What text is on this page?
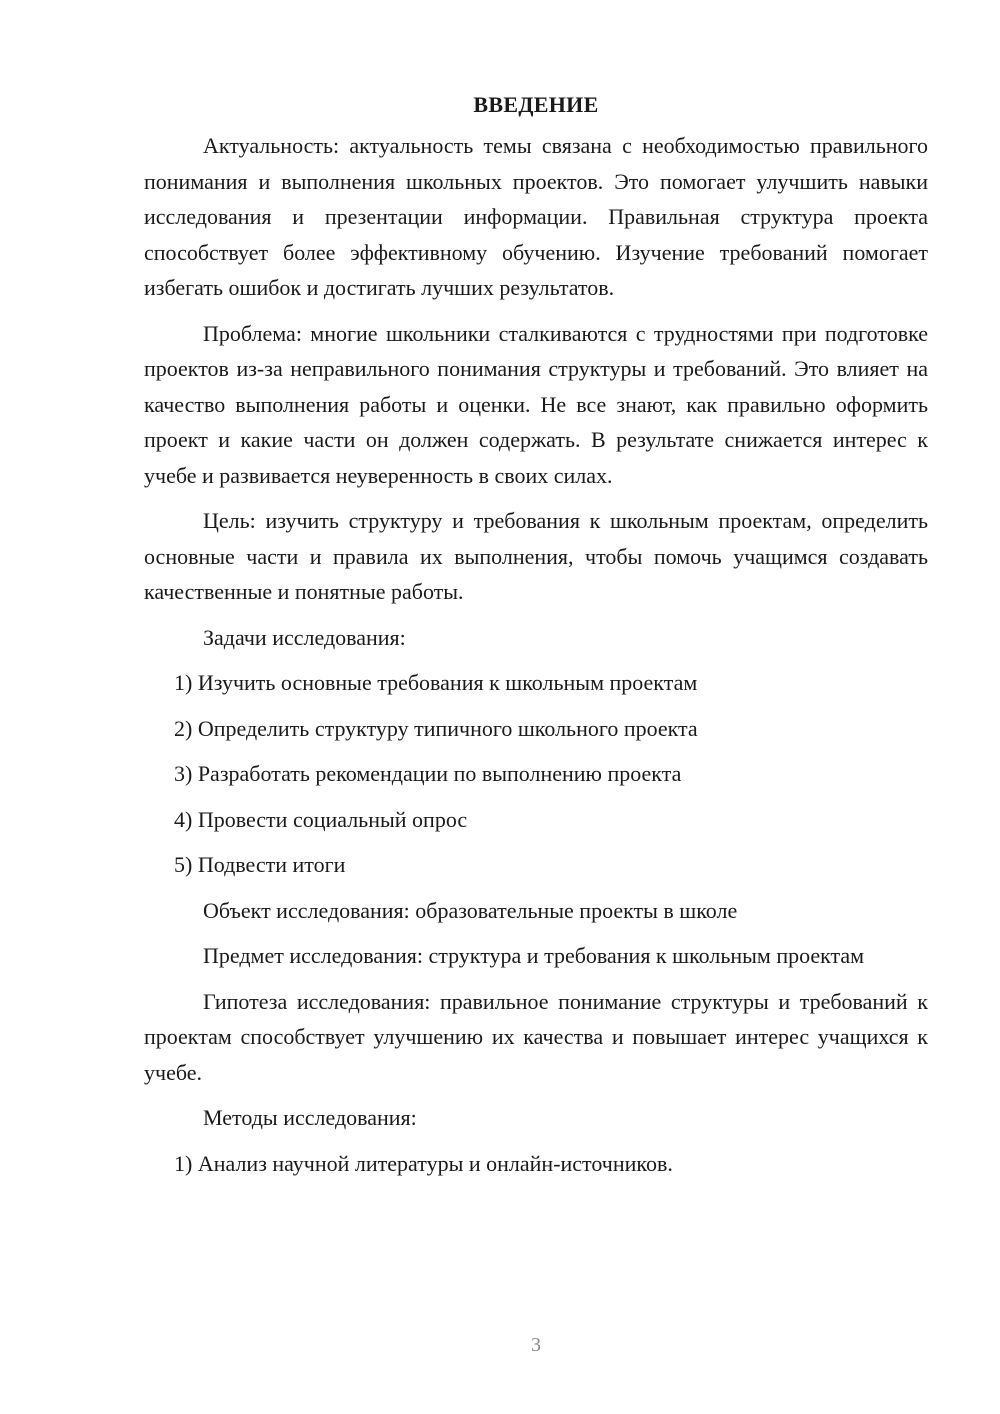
ВВЕДЕНИЕ

Актуальность: актуальность темы связана с необходимостью правильного понимания и выполнения школьных проектов. Это помогает улучшить навыки исследования и презентации информации. Правильная структура проекта способствует более эффективному обучению. Изучение требований помогает избегать ошибок и достигать лучших результатов.

Проблема: многие школьники сталкиваются с трудностями при подготовке проектов из-за неправильного понимания структуры и требований. Это влияет на качество выполнения работы и оценки. Не все знают, как правильно оформить проект и какие части он должен содержать. В результате снижается интерес к учебе и развивается неуверенность в своих силах.

Цель: изучить структуру и требования к школьным проектам, определить основные части и правила их выполнения, чтобы помочь учащимся создавать качественные и понятные работы.

Задачи исследования:
1) Изучить основные требования к школьным проектам
2) Определить структуру типичного школьного проекта
3) Разработать рекомендации по выполнению проекта
4) Провести социальный опрос
5) Подвести итоги
Объект исследования: образовательные проекты в школе

Предмет исследования: структура и требования к школьным проектам

Гипотеза исследования: правильное понимание структуры и требований к проектам способствует улучшению их качества и повышает интерес учащихся к учебе.

Методы исследования:
1) Анализ научной литературы и онлайн-источников.
3
